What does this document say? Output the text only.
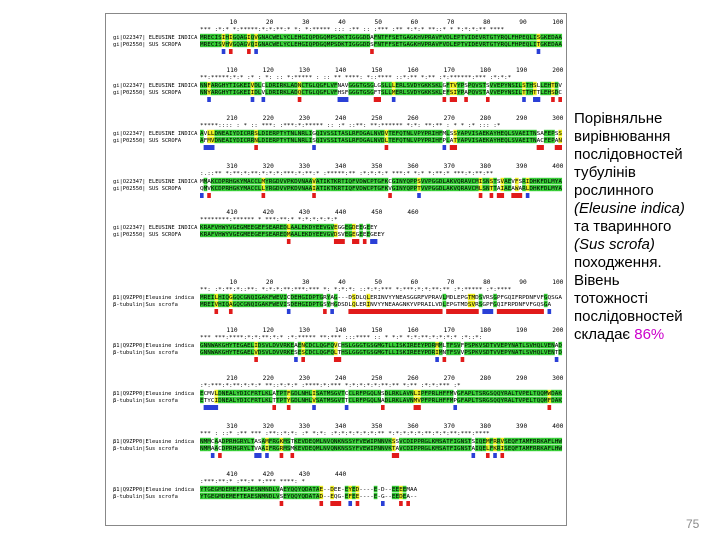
10	20	30	40	50	60	70	80	90	100
*** :*:* *:*****:*:*:**:* *: *:***** ::: :** :: :*** :** *:*:* **::* * *:*:*:** ****
gi|O22347| ELEUSINE INDICA MRECISIHIGQAGIQVGNACWELYCLEHGIQPDGQMPSDKTIGGGDDAFNTFFSETGAGKHVPRAVFVDLEPTVIDEVRTGTYRQLFHPEQLISGKEDAA
gi|P02550| SUS SCROFA	MRECISVHVGQAGVQIGNACWELYCLEHGIQPDGQMPSDKTIGGGDDSFNTFFSETGAGKHVPRAVFVDLEPTVIDEVRTGTYRQLFHPEQLITGKEDAA
110	120	130	140	150	160	170	180	190	200
**:*****:*:* :* : *: :: *:***** : :: ** ****: *::**** ::*:** *:** :*:******:*** :*:*:*
gi|O22347| ELEUSINE INDICA NNFARGHYTIGKEIVDLCLDRIRKLADNCTGLQGFLVFNAVGGGTGSGLGSLLLERLSVDYGKKSKLGFTVYPSPQVSTSVVEPYNSILSTHSLLEHTDV
gi|P02550| SUS SCROFA	NNYARGHYTIGKEIIDLVLDRIRKLADQCTGLQGFLVFHSFGGGTGSGFTSLLMERLSVDYGKKSKLEFSIYPAPQVSTAVVEPYNSILTTHTTLEHSDC
210	220	230	240	250	260	270	280	290	300
*****:::: : * :: ***: :***:*:***** :: :* ::**: **:****** *:*: **:** : * * :* ::: :*
gi|O22347| ELEUSINE INDICA AVLLDNEAIYDICRRSLDIERPTYTNLNRLIGQIVSSITASLRFDGALNVDVTEFQTNLVPYPRIHFMLSSYAPVISAEKAYHEQLSVAEITNSAFEPSS
gi|P02550| SUS SCROFA	AFMVDNEAIYDICRRNLDIERPTYTNLNRLISQIVSSITASLRFDGALNVDLTEFQTNLVPYPRIHFPLATYAPVISAEKAYHEQLSVAEITNACFEPAN
310	320	330	340	350	360	370	380	390	400
:.::** *:**:*:**:*:*:*:***:*:**:* :*****:** :*:*:*:* ***:* *:* *:**:* ***:*:**:**
gi|O22347| ELEUSINE INDICA MMAKCDPRHGKYMACCLMYRGDVVPKDVNAAVATIKTKRTIQFVDWCPTGFKCGINYQPPSVVPGGDLAKVQRAVCMISNSTSVAEVFSRIDHKFDLMYA
gi|P02550| SUS SCROFA	QMVKCDPRHGKYMACCLLYRGDVVPKDVNAAIATIKTKRTIQFVDWCPTGFKVGINYQPPTVVPGGDLAKVQRAVCMLSNTTAIAEAWARLDHKFDLMYA
410	420	430	440	450	460
********:****** * ***:**:* *:*:*:*:*:*
gi|O22347| ELEUSINE INDICA KRAFVHWYVGEGMEEGEFSEAREDLAALEKDYEEVGVEGGEGDEEGEEY
gi|P02550| SUS SCROFA	KRAFVHWYVGEGMEEGEFSEAREDMAALEKDYEEVGVDSVEGEGEEEGEEY
10	20	30	40	50	60	70	80	90	100
**: :*:**:*::**: *:*:*:**:***:*** *: *:*:*: ::*:*:*** *:***:*:*:**:** :*:***** :*:****
β1|Q9ZPP0|Eleusine indica MREILHIQGGQCGNQIGAKFWEVICDEHGIDPTGRYAG---DSDLQLERINVYYNEASGGRFVPRAVLMDLEPGTMDSVRSGPFGQIFRPDNFVFGQSGA
β-tubulin|Sus scrofa	MREIVHIQAGQCGNQIGAKFWEVISDEHGIDPTGSYHGDSDLQLERINVYYNEAAGNKYVPRAILVDLEPGTMDSVRSGPFGQIFRPDNFVFGQSGA
110	120	130	140	150	160	170	180	190	200
*** ***:****:*:*:**:*:* :*:***** **:*** :::**** :: * *:* *:*:**:*:*:*:* :*::*:
β1|Q9ZPP0|Eleusine indica GNNWAKGHYTEGAELIDSVLDVVRKEAENCDCLQGFQVCHSLGGGTGSGMGTLLISKIREEYPDRMMLTFSVFPSPKVSDTVVEPYNATLSVHQLVENAD
β-tubulin|Sus scrofa	GNNWAKGHYTEGAELVDSVLDVVRKESESCDCLQGFQLTHSLGGGTGSGMGTLLISKIREEYPDRIMNTFSVVPSPKVSDTVVEPYNATLSVHQLVENTD
210	220	230	240	250	260	270	280	290	300
:*:***:*:**:*:*:* **::*:*:* :****:*:*** *:*:*:*:*:**:** *:** :*:*:*** :*
β1|Q9ZPP0|Eleusine indica ECMVLDNEALYDICFRTLKLATPTFGDLNHLISATMSGVTCCLRFPGQLNSDLRKLAVNLIPFPRLHFFMVGFAPLTSRGSQQYRALTVPELTQQMWDAK
β-tubulin|Sus scrofa	ETYCIDNEALYDICFRTLKLTTPTYGDLNHLVSATMSGVTTCLRFPGQLNADLRKLAVNMVPFPRLHFFMPGFAPLTSRGSQQYRALTVPELTQQMFDAK
310	320	330	340	350	360	370	380	390	400
*** : ::* :** *** :**::*:*: :* *:*: :*:*:*:*:*:*:** *:*:*:*:*:**:*:*:**:***:****
β1|Q9ZPP0|Eleusine indica NMMCAADPRHGRYLTASAMFRGKMSTKEVDEQMLNVQNKNSSYFVEWIPNNVKSSVCDIPPRGLKMSATFIGNSTSIQEMFRRVSEQFTAMFRRKAFLHW
β-tubulin|Sus scrofa	NMMAACDPRHGRYLTVAAIFRGRMSMKEVDEQMLNVQNKNSSYFVEWIPNNVKTAVCDIPPRGLKMSATFIGNSTAIQELFKRISEQFTAMFRRKAFLHW
410	420	430	440
:***:**:* :**:* *:*** ****: *
β1|Q9ZPP0|Eleusine indica YTGEGMDEMEFTEAESNMNDLVAEYQQYQDATAE--DEE-EYED----E-D--EEEEMAA
β-tubulin|Sus scrofa	YTGEGMDEMEFTEAESNMNDLVSEYQQYQDATAD--EQG-EFEE----E-G--EEDEA--
Порівняльне
вирівнювання
послідовностей
тубулінів
рослинного
(Eleusine indica)
та тваринного
(Sus scrofa)
походження.
Вівень
тотожності
послідовностей
складає 86%
75
